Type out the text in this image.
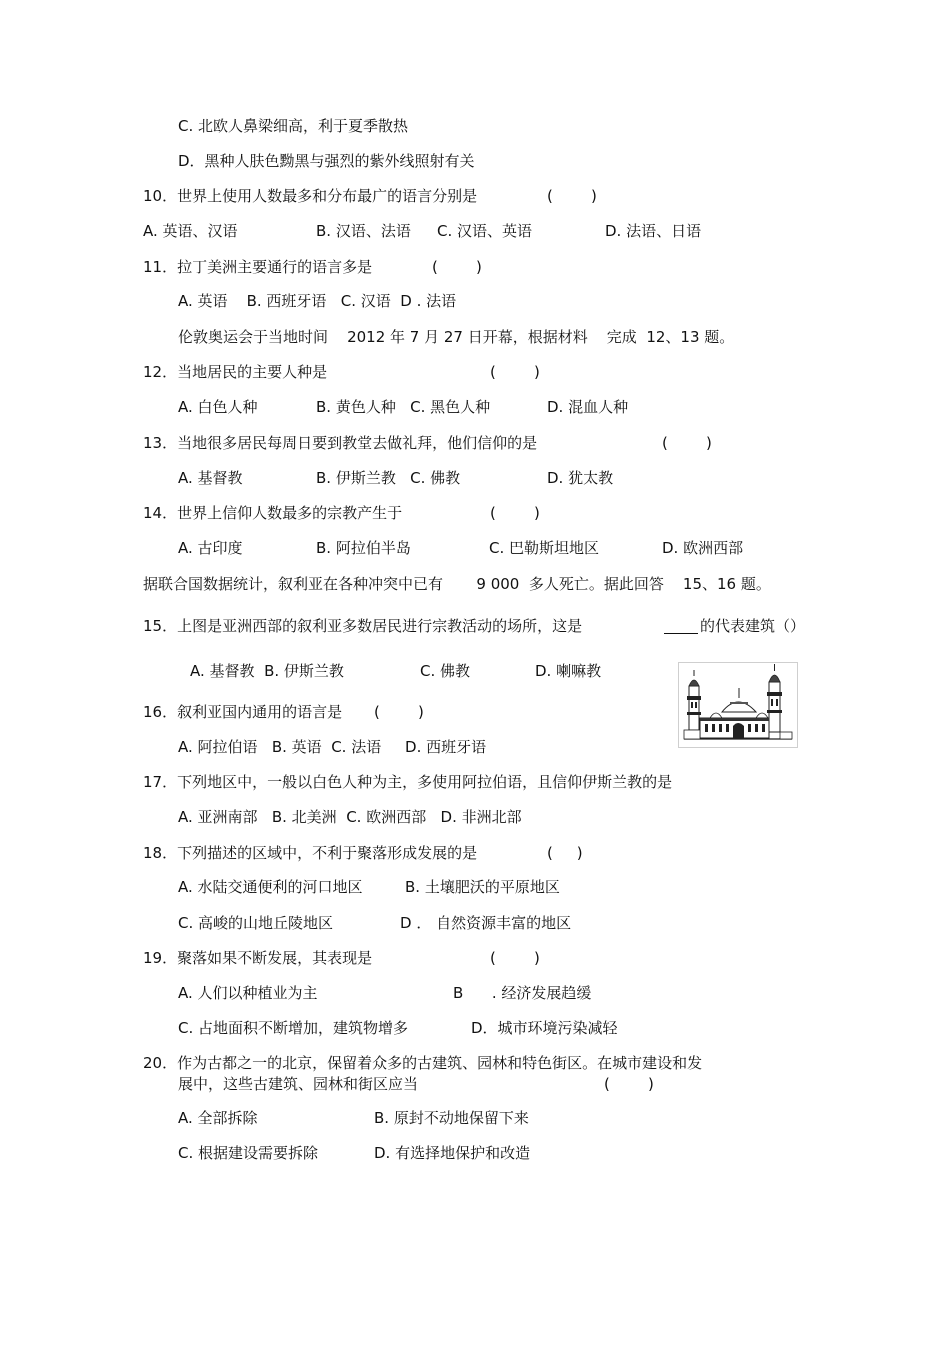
C. 北欧人鼻梁细高，利于夏季散热
D．黑种人肤色黝黑与强烈的紫外线照射有关
10．世界上使用人数最多和分布最广的语言分别是	(        )
A. 英语、汉语	B. 汉语、法语 C. 汉语、英语	D. 法语、日语
11．拉丁美洲主要通行的语言多是	(        )
A. 英语    B. 西班牙语   C. 汉语  D . 法语
伦敦奥运会于当地时间    2012 年 7 月 27 日开幕，根据材料    完成  12、13 题。
12．当地居民的主要人种是	(        )
A. 白色人种	B. 黄色人种   C. 黑色人种	D. 混血人种
13．当地很多居民每周日要到教堂去做礼拜，他们信仰的是	(        )
A. 基督教	B. 伊斯兰教   C. 佛教	D. 犹太教
14．世界上信仰人数最多的宗教产生于	(        )
A. 古印度	B. 阿拉伯半岛	C. 巴勒斯坦地区	D. 欧洲西部
据联合国数据统计，叙利亚在各种冲突中已有       9 000  多人死亡。据此回答    15、16 题。
15．上图是亚洲西部的叙利亚多数居民进行宗教活动的场所，这是	的代表建筑（）
A. 基督教  B. 伊斯兰教	C. 佛教	D. 喇嘛教
16．叙利亚国内通用的语言是 (        )
A. 阿拉伯语   B. 英语  C. 法语     D. 西班牙语
17．下列地区中，一般以白色人种为主，多使用阿拉伯语，且信仰伊斯兰教的是
A. 亚洲南部   B. 北美洲  C. 欧洲西部   D. 非洲北部
18．下列描述的区域中，不利于聚落形成发展的是	(     )
A. 水陆交通便利的河口地区	B. 土壤肥沃的平原地区
C. 高峻的山地丘陵地区	D ． 自然资源丰富的地区
19．聚落如果不断发展，其表现是	(        )
A. 人们以种植业为主	B      . 经济发展趋缓
C. 占地面积不断增加，建筑物增多	D．城市环境污染减轻
20．作为古都之一的北京，保留着众多的古建筑、园林和特色街区。在城市建设和发
展中，这些古建筑、园林和街区应当	(        )
A. 全部拆除	B. 原封不动地保留下来
C. 根据建设需要拆除	D. 有选择地保护和改造
